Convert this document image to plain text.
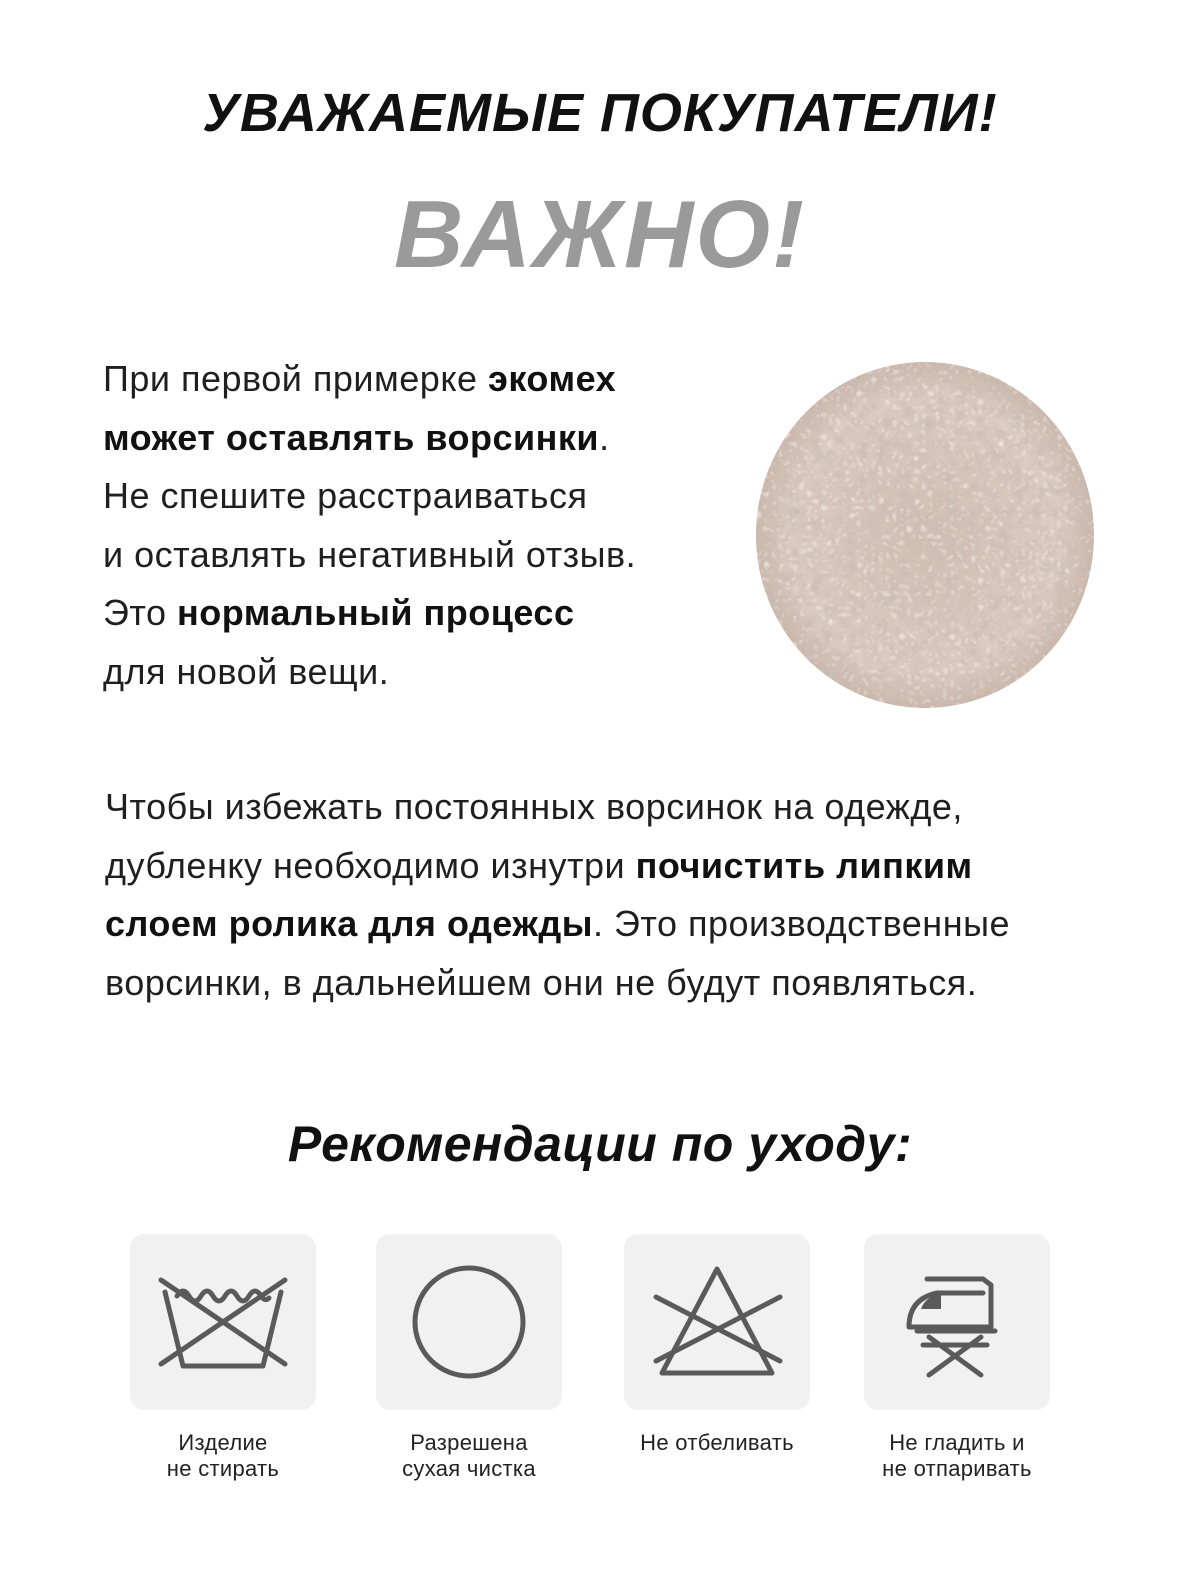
УВАЖАЕМЫЕ ПОКУПАТЕЛИ!
ВАЖНО!
При первой примерке экомех
может оставлять ворсинки.
Не спешите расстраиваться
и оставлять негативный отзыв.
Это нормальный процесс
для новой вещи.
Чтобы избежать постоянных ворсинок на одежде,
дубленку необходимо изнутри почистить липким
слоем ролика для одежды. Это производственные
ворсинки, в дальнейшем они не будут появляться.
Рекомендации по уходу:
Изделие
не стирать
Разрешена
сухая чистка
Не отбеливать	Не гладить и
не отпаривать
